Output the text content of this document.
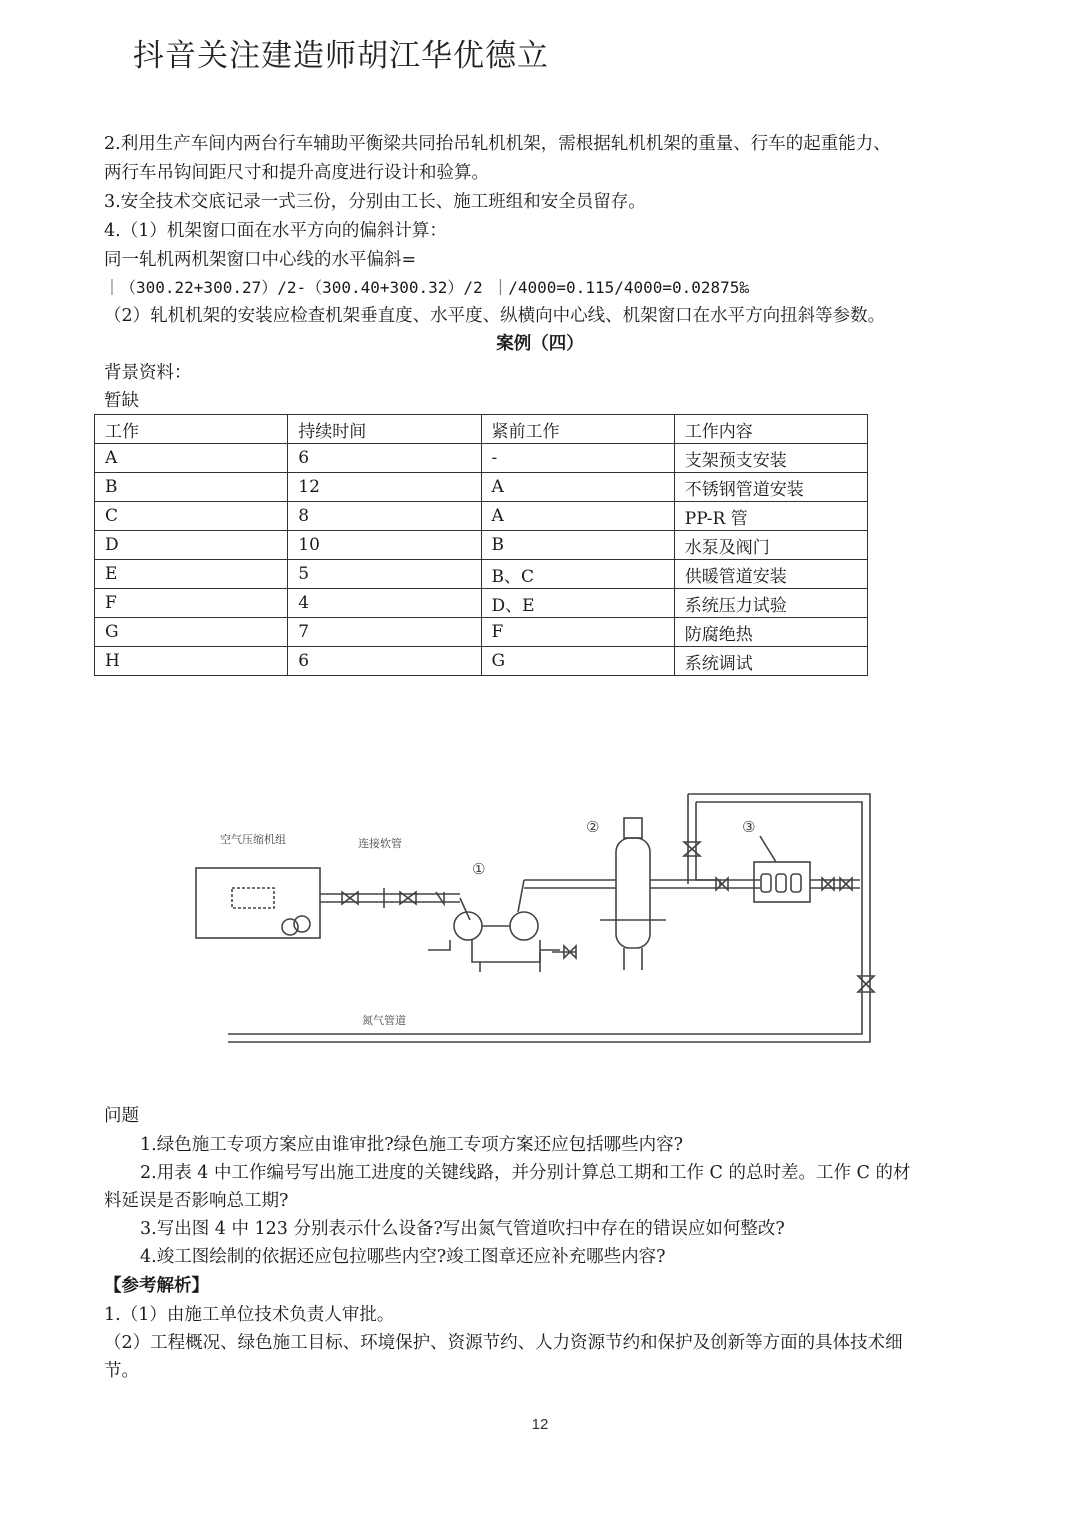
抖音关注建造师胡江华优德立
2.利用生产车间内两台行车辅助平衡梁共同抬吊轧机机架，需根据轧机机架的重量、行车的起重能力、
两行车吊钩间距尺寸和提升高度进行设计和验算。
3.安全技术交底记录一式三份，分别由工长、施工班组和安全员留存。
4.（1）机架窗口面在水平方向的偏斜计算：
同一轧机两机架窗口中心线的水平偏斜=
｜（300.22+300.27）/2-（300.40+300.32）/2 ｜/4000=0.115/4000=0.02875‰
（2）轧机机架的安装应检查机架垂直度、水平度、纵横向中心线、机架窗口在水平方向扭斜等参数。
案例（四）
背景资料：
暂缺
工作	持续时间	紧前工作	工作内容
A	6	-	支架预支安装
B	12	A	不锈钢管道安装
C	8	A	PP-R 管
D	10	B	水泵及阀门
E	5	B、C	供暖管道安装
F	4	D、E	系统压力试验
G	7	F	防腐绝热
H	6	G	系统调试
空气压缩机组	连接软管
①
②	③
氮气管道
问题
1.绿色施工专项方案应由谁审批?绿色施工专项方案还应包括哪些内容?
2.用表 4 中工作编号写出施工进度的关键线路，并分别计算总工期和工作 C 的总时差。工作 C 的材
料延误是否影响总工期?
3.写出图 4 中 123 分别表示什么设备?写出氮气管道吹扫中存在的错误应如何整改?
4.竣工图绘制的依据还应包拉哪些内空?竣工图章还应补充哪些内容?
【参考解析】
1.（1）由施工单位技术负责人审批。
（2）工程概况、绿色施工目标、环境保护、资源节约、人力资源节约和保护及创新等方面的具体技术细
节。
12
